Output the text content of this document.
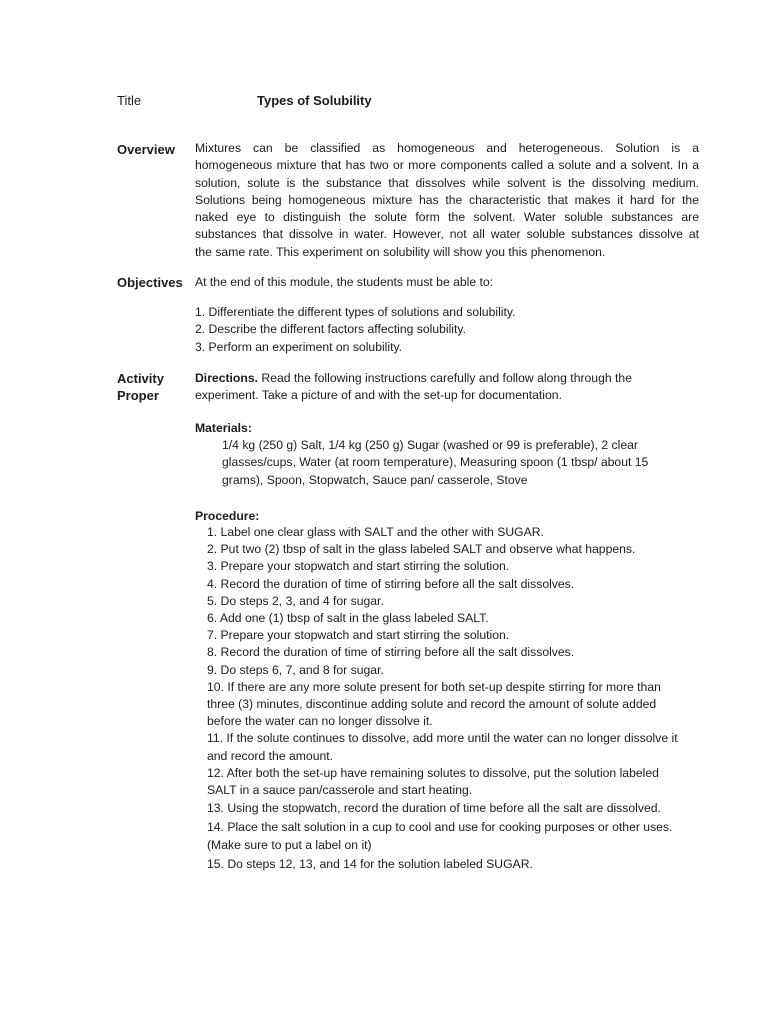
Title	Types of Solubility
Overview Mixtures can be classified as homogeneous and heterogeneous. Solution is a
homogeneous mixture that has two or more components called a solute and a solvent. In a
solution, solute is the substance that dissolves while solvent is the dissolving medium.
Solutions being homogeneous mixture has the characteristic that makes it hard for the
naked eye to distinguish the solute form the solvent. Water soluble substances are
substances that dissolve in water. However, not all water soluble substances dissolve at
the same rate. This experiment on solubility will show you this phenomenon.
Objectives At the end of this module, the students must be able to:
1. Differentiate the different types of solutions and solubility.
2. Describe the different factors affecting solubility.
3. Perform an experiment on solubility.
Activity
Proper
Directions. Read the following instructions carefully and follow along through the
experiment. Take a picture of and with the set-up for documentation.
Materials:
1/4 kg (250 g) Salt, 1/4 kg (250 g) Sugar (washed or 99 is preferable), 2 clear
glasses/cups, Water (at room temperature), Measuring spoon (1 tbsp/ about 15
grams), Spoon, Stopwatch, Sauce pan/ casserole, Stove
Procedure:
1. Label one clear glass with SALT and the other with SUGAR.
2. Put two (2) tbsp of salt in the glass labeled SALT and observe what happens.
3. Prepare your stopwatch and start stirring the solution.
4. Record the duration of time of stirring before all the salt dissolves.
5. Do steps 2, 3, and 4 for sugar.
6. Add one (1) tbsp of salt in the glass labeled SALT.
7. Prepare your stopwatch and start stirring the solution.
8. Record the duration of time of stirring before all the salt dissolves.
9. Do steps 6, 7, and 8 for sugar.
10. If there are any more solute present for both set-up despite stirring for more than
three (3) minutes, discontinue adding solute and record the amount of solute added
before the water can no longer dissolve it.
11. If the solute continues to dissolve, add more until the water can no longer dissolve it
and record the amount.
12. After both the set-up have remaining solutes to dissolve, put the solution labeled
SALT in a sauce pan/casserole and start heating.
13. Using the stopwatch, record the duration of time before all the salt are dissolved.
14. Place the salt solution in a cup to cool and use for cooking purposes or other uses.
(Make sure to put a label on it)
15. Do steps 12, 13, and 14 for the solution labeled SUGAR.
